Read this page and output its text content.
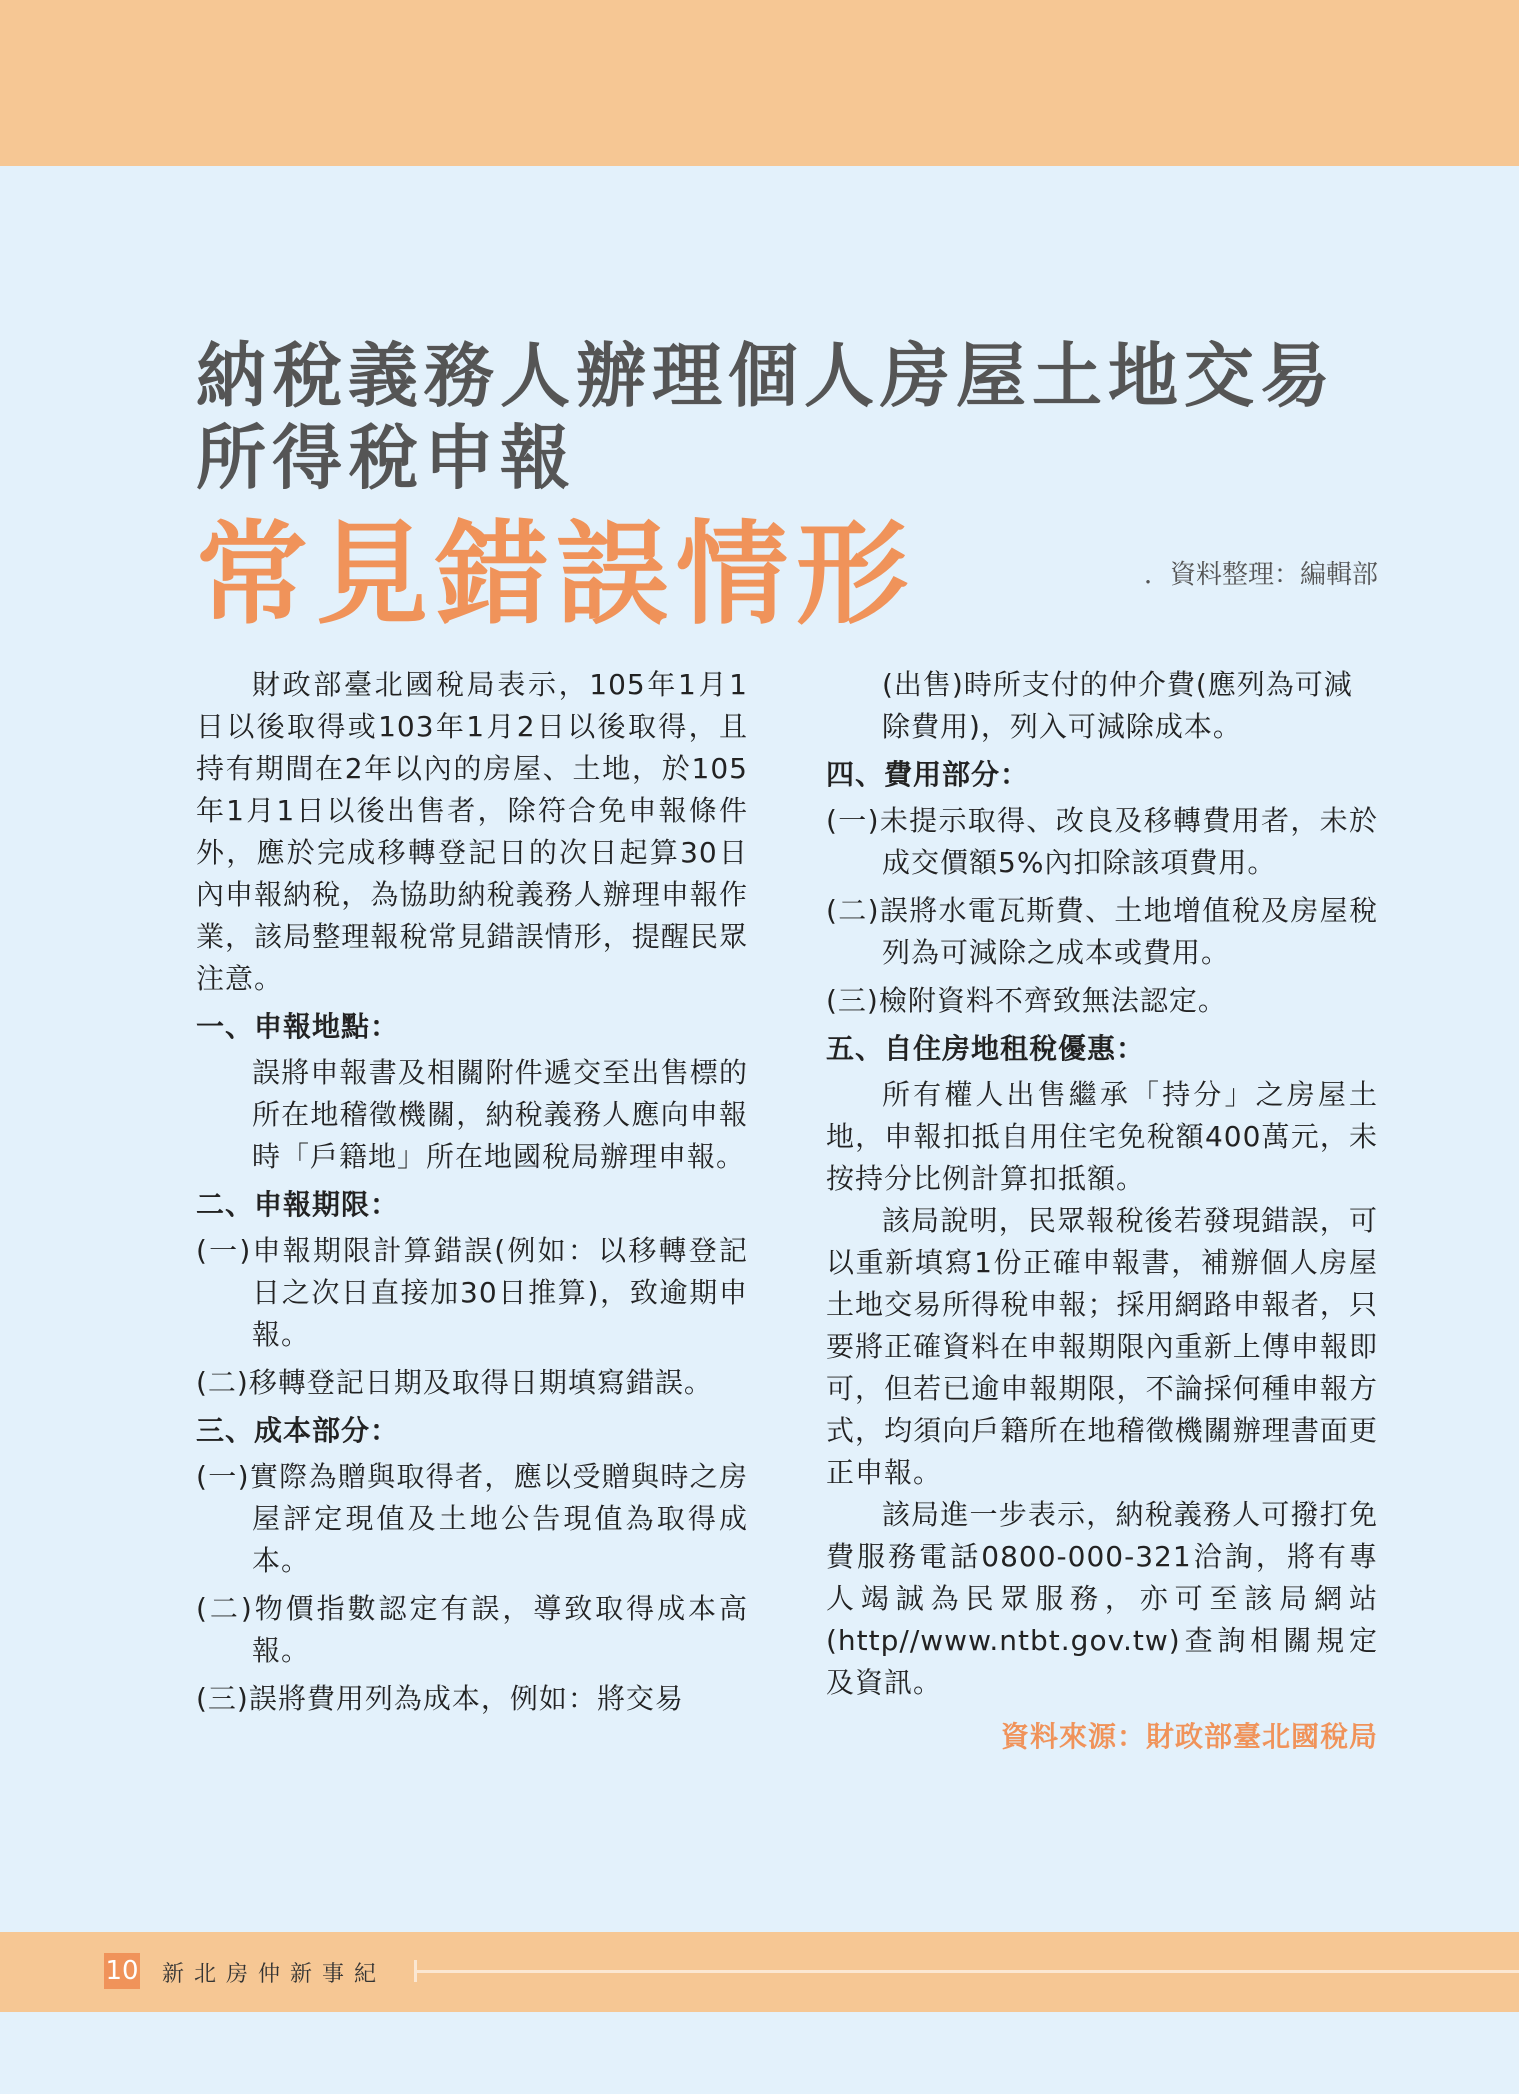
納稅義務人辦理個人房屋土地交易
所得稅申報
常見錯誤情形	．資料整理：編輯部

財政部臺北國稅局表示，105年1月1日以後取得或103年1月2日以後取得，且持有期間在2年以內的房屋、土地，於105年1月1日以後出售者，除符合免申報條件外，應於完成移轉登記日的次日起算30日內申報納稅，為協助納稅義務人辦理申報作業，該局整理報稅常見錯誤情形，提醒民眾注意。

一、申報地點：

誤將申報書及相關附件遞交至出售標的所在地稽徵機關，納稅義務人應向申報時「戶籍地」所在地國稅局辦理申報。

二、申報期限：

(一)申報期限計算錯誤(例如：以移轉登記日之次日直接加30日推算)，致逾期申報。

(二)移轉登記日期及取得日期填寫錯誤。

三、成本部分：

(一)實際為贈與取得者，應以受贈與時之房屋評定現值及土地公告現值為取得成本。

(二)物價指數認定有誤，導致取得成本高報。

(三)誤將費用列為成本，例如：將交易

(出售)時所支付的仲介費(應列為可減除費用)，列入可減除成本。

四、費用部分：

(一)未提示取得、改良及移轉費用者，未於成交價額5%內扣除該項費用。

(二)誤將水電瓦斯費、土地增值稅及房屋稅列為可減除之成本或費用。

(三)檢附資料不齊致無法認定。

五、自住房地租稅優惠：

所有權人出售繼承「持分」之房屋土地，申報扣抵自用住宅免稅額400萬元，未按持分比例計算扣抵額。

該局說明，民眾報稅後若發現錯誤，可以重新填寫1份正確申報書，補辦個人房屋土地交易所得稅申報；採用網路申報者，只要將正確資料在申報期限內重新上傳申報即可，但若已逾申報期限，不論採何種申報方式，均須向戶籍所在地稽徵機關辦理書面更正申報。

該局進一步表示，納稅義務人可撥打免費服務電話0800-000-321洽詢，將有專人竭誠為民眾服務，亦可至該局網站(http//www.ntbt.gov.tw)查詢相關規定及資訊。

資料來源：財政部臺北國稅局

10 新北房仲新事紀
